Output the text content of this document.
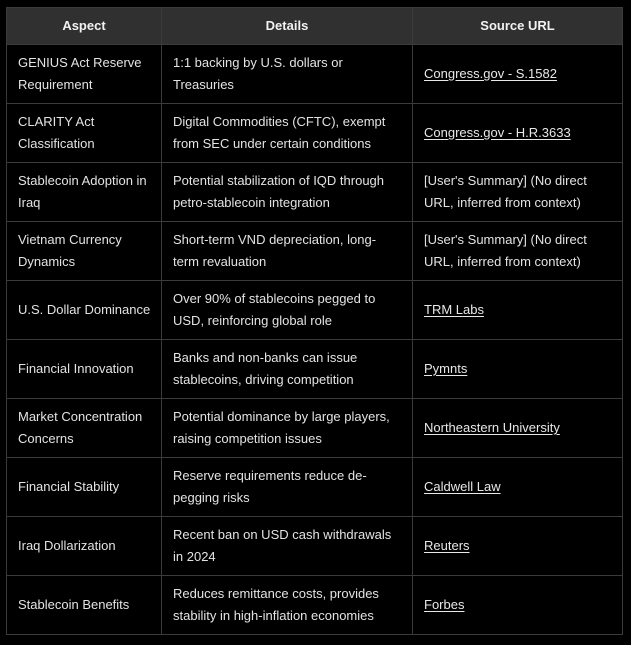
Aspect	Details	Source URL
GENIUS Act Reserve Requirement	1:1 backing by U.S. dollars or Treasuries	Congress.gov - S.1582
CLARITY Act Classification	Digital Commodities (CFTC), exempt from SEC under certain conditions	Congress.gov - H.R.3633
Stablecoin Adoption in Iraq	Potential stabilization of IQD through petro-stablecoin integration	[User's Summary] (No direct URL, inferred from context)
Vietnam Currency Dynamics	Short-term VND depreciation, long-term revaluation	[User's Summary] (No direct URL, inferred from context)
U.S. Dollar Dominance	Over 90% of stablecoins pegged to USD, reinforcing global role	TRM Labs
Financial Innovation	Banks and non-banks can issue stablecoins, driving competition	Pymnts
Market Concentration Concerns	Potential dominance by large players, raising competition issues	Northeastern University
Financial Stability	Reserve requirements reduce de-pegging risks	Caldwell Law
Iraq Dollarization	Recent ban on USD cash withdrawals in 2024	Reuters
Stablecoin Benefits	Reduces remittance costs, provides stability in high-inflation economies	Forbes
